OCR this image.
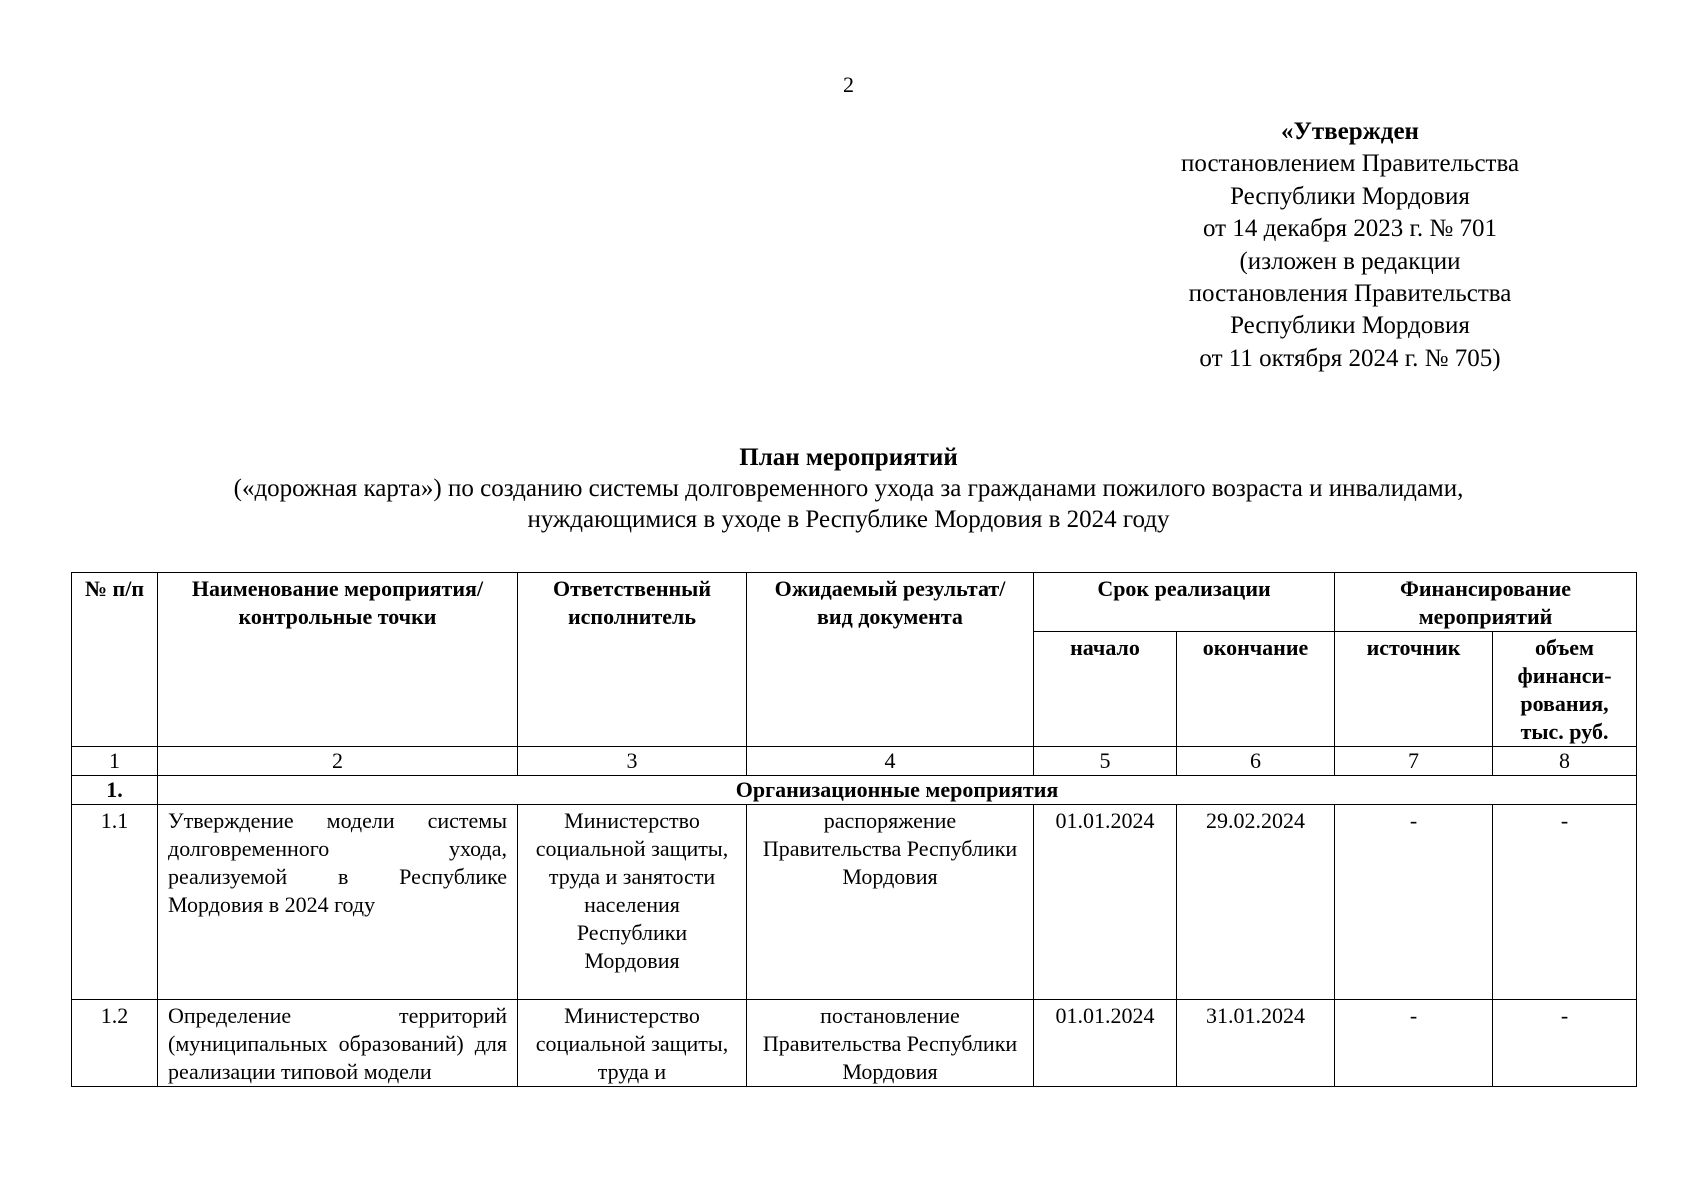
2
«Утвержден
постановлением Правительства
Республики Мордовия
от 14 декабря 2023 г. № 701
(изложен в редакции
постановления Правительства
Республики Мордовия
от 11 октября 2024 г. № 705)
План мероприятий
(«дорожная карта») по созданию системы долговременного ухода за гражданами пожилого возраста и инвалидами,
нуждающимися в уходе в Республике Мордовия в 2024 году
№ п/п	Наименование мероприятия/ контрольные точки	Ответственный исполнитель	Ожидаемый результат/вид документа	Срок реализации		Финансирование мероприятий	
				начало	окончание	источник	объем финанси-рования, тыс. руб.
1	2	3	4	5	6	7	8
1.	Организационные мероприятия						
1.1	Утверждение модели системы долговременного ухода, реализуемой в Республике Мордовия в 2024 году	Министерство социальной защиты, труда и занятости населения Республики Мордовия	распоряжение Правительства Республики Мордовия	01.01.2024	29.02.2024	-	-
1.2	Определение территорий (муниципальных образований) для реализации типовой модели	Министерство социальной защиты, труда и	постановление Правительства Республики Мордовия	01.01.2024	31.01.2024	-	-
